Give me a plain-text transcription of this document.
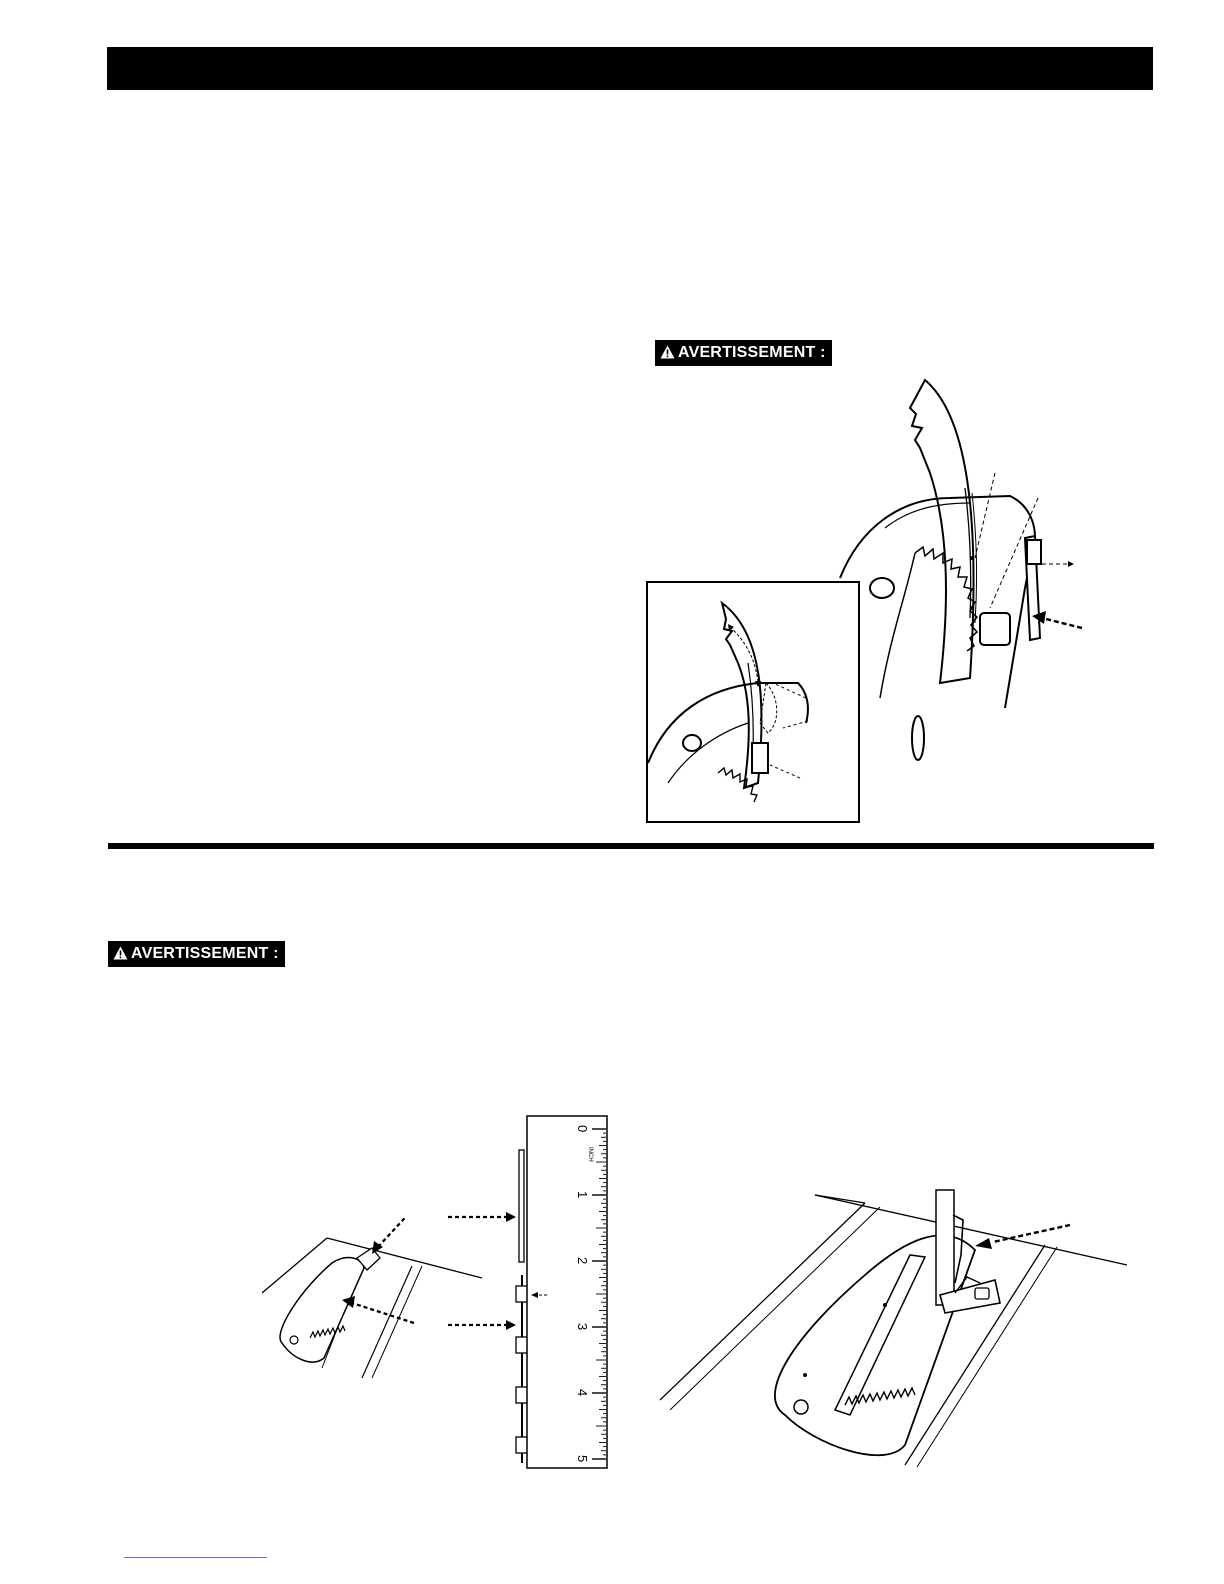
AVERTISSEMENT :
AVERTISSEMENT :
0
1
2
3
4
5
INCH
